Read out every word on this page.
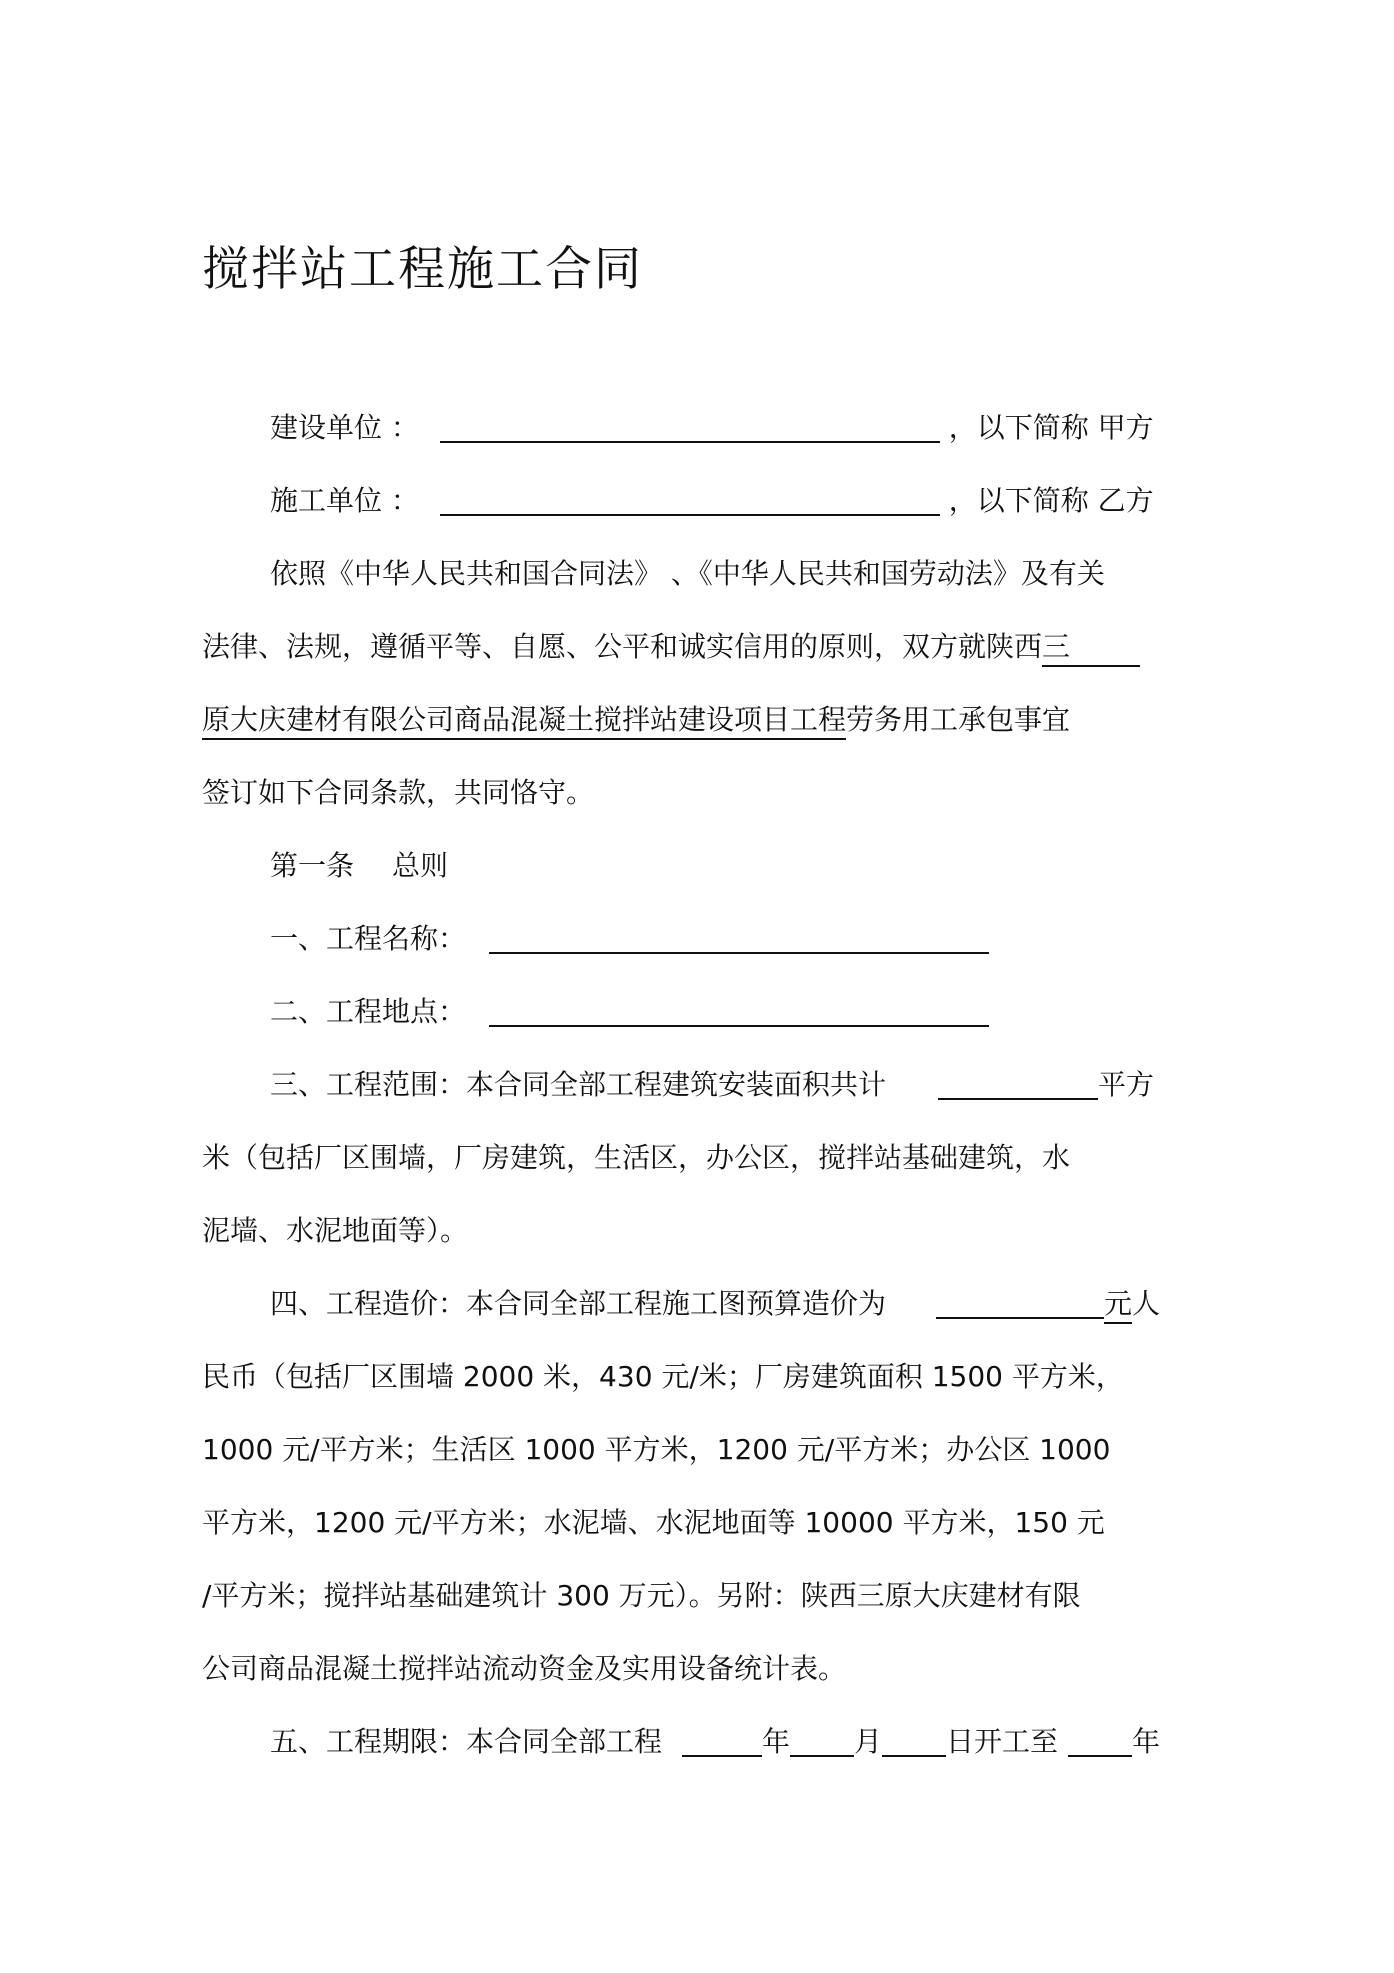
搅拌站工程施工合同
建设单位 ：	，以下简称 甲方
施工单位 ：	，以下简称 乙方
依照《中华人民共和国合同法》 、《中华人民共和国劳动法》及有关
法律、法规，遵循平等、自愿、公平和诚实信用的原则，双方就陕西三
原大庆建材有限公司商品混凝土搅拌站建设项目工程劳务用工承包事宜
签订如下合同条款，共同恪守。
第一条 总则
一、工程名称：
二、工程地点：
三、工程范围：本合同全部工程建筑安装面积共计	平方
米（包括厂区围墙，厂房建筑，生活区，办公区，搅拌站基础建筑，水
泥墙、水泥地面等）。
四、工程造价：本合同全部工程施工图预算造价为	元人
民币（包括厂区围墙 2000 米，430 元/米；厂房建筑面积 1500 平方米，
1000 元/平方米；生活区 1000 平方米，1200 元/平方米；办公区 1000
平方米，1200 元/平方米；水泥墙、水泥地面等 10000 平方米，150 元
/平方米；搅拌站基础建筑计 300 万元）。另附：陕西三原大庆建材有限
公司商品混凝土搅拌站流动资金及实用设备统计表。
五、工程期限：本合同全部工程	年 月 日开工至	年
